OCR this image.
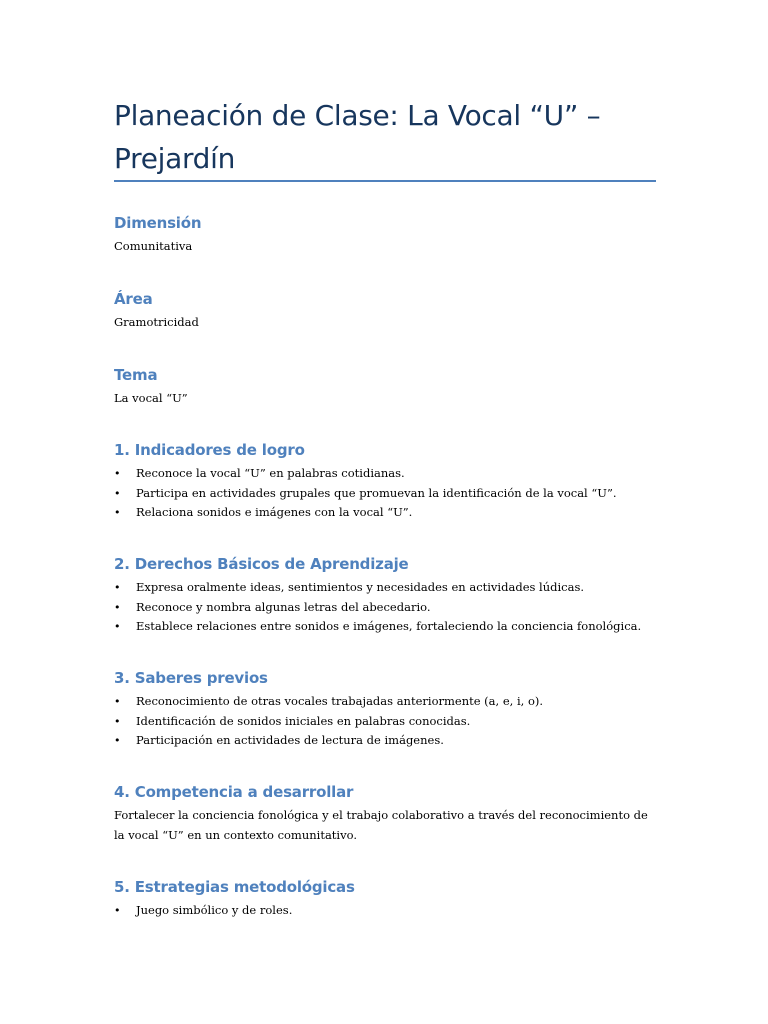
Planeación de Clase: La Vocal “U” – Prejardín
Dimensión

Comunitativa

Área

Gramotricidad

Tema

La vocal “U”

1. Indicadores de logro
• Reconoce la vocal “U” en palabras cotidianas.
• Participa en actividades grupales que promuevan la identificación de la vocal “U”.
• Relaciona sonidos e imágenes con la vocal “U”.
2. Derechos Básicos de Aprendizaje
• Expresa oralmente ideas, sentimientos y necesidades en actividades lúdicas.
• Reconoce y nombra algunas letras del abecedario.
• Establece relaciones entre sonidos e imágenes, fortaleciendo la conciencia fonológica.
3. Saberes previos
• Reconocimiento de otras vocales trabajadas anteriormente (a, e, i, o).
• Identificación de sonidos iniciales en palabras conocidas.
• Participación en actividades de lectura de imágenes.
4. Competencia a desarrollar

Fortalecer la conciencia fonológica y el trabajo colaborativo a través del reconocimiento de la vocal “U” en un contexto comunitativo.

5. Estrategias metodológicas
• Juego simbólico y de roles.
